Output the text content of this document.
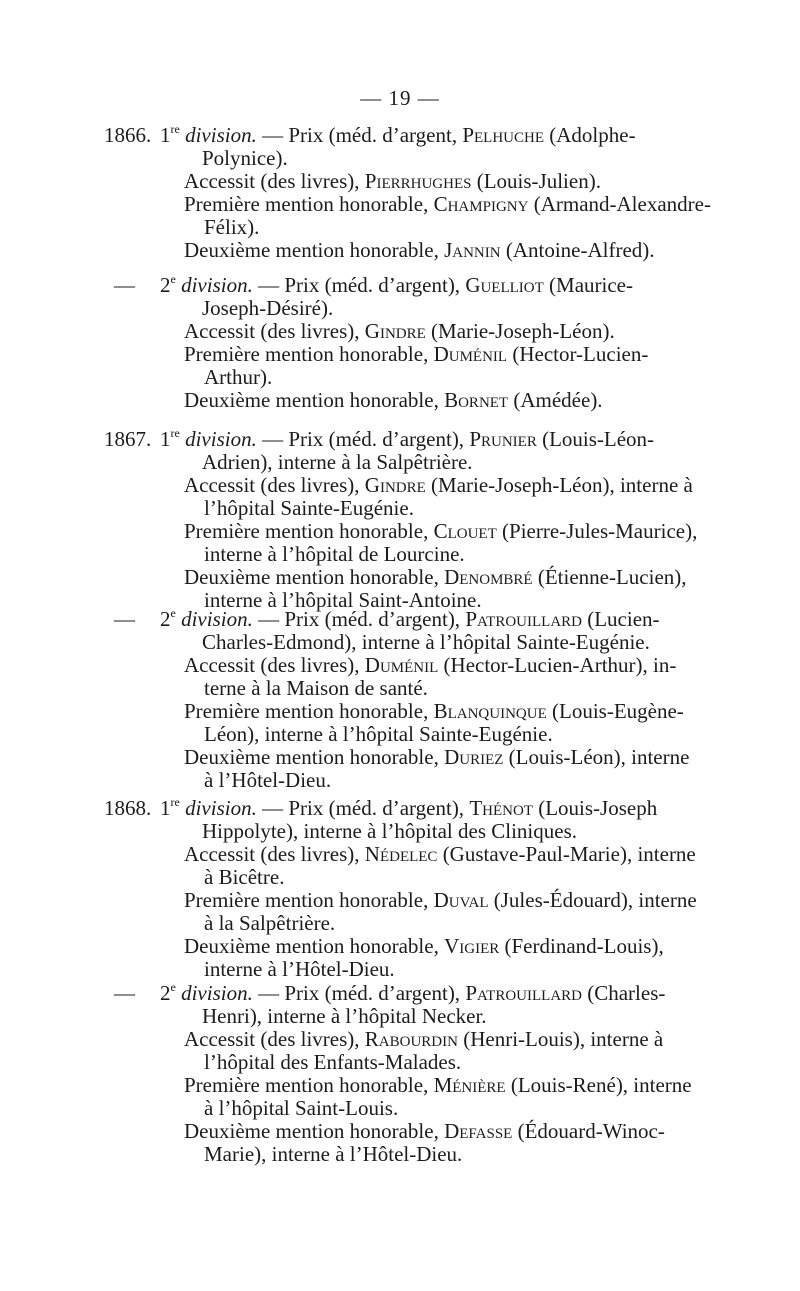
— 19 —
1866. 1re division. — Prix (méd. d’argent, Pelhuche (Adolphe-
Polynice).
Accessit (des livres), Pierrhughes (Louis-Julien).
Première mention honorable, Champigny (Armand-Alexandre-
Félix).
Deuxième mention honorable, Jannin (Antoine-Alfred).
— 2e division. — Prix (méd. d’argent), Guelliot (Maurice-
Joseph-Désiré).
Accessit (des livres), Gindre (Marie-Joseph-Léon).
Première mention honorable, Duménil (Hector-Lucien-
Arthur).
Deuxième mention honorable, Bornet (Amédée).
1867. 1re division. — Prix (méd. d’argent), Prunier (Louis-Léon-
Adrien), interne à la Salpêtrière.
Accessit (des livres), Gindre (Marie-Joseph-Léon), interne à
l’hôpital Sainte-Eugénie.
Première mention honorable, Clouet (Pierre-Jules-Maurice),
interne à l’hôpital de Lourcine.
Deuxième mention honorable, Denombré (Étienne-Lucien),
interne à l’hôpital Saint-Antoine.
— 2e division. — Prix (méd. d’argent), Patrouillard (Lucien-
Charles-Edmond), interne à l’hôpital Sainte-Eugénie.
Accessit (des livres), Duménil (Hector-Lucien-Arthur), in-
terne à la Maison de santé.
Première mention honorable, Blanquinque (Louis-Eugène-
Léon), interne à l’hôpital Sainte-Eugénie.
Deuxième mention honorable, Duriez (Louis-Léon), interne
à l’Hôtel-Dieu.
1868. 1re division. — Prix (méd. d’argent), Thénot (Louis-Joseph
Hippolyte), interne à l’hôpital des Cliniques.
Accessit (des livres), Nédelec (Gustave-Paul-Marie), interne
à Bicêtre.
Première mention honorable, Duval (Jules-Édouard), interne
à la Salpêtrière.
Deuxième mention honorable, Vigier (Ferdinand-Louis),
interne à l’Hôtel-Dieu.
— 2e division. — Prix (méd. d’argent), Patrouillard (Charles-
Henri), interne à l’hôpital Necker.
Accessit (des livres), Rabourdin (Henri-Louis), interne à
l’hôpital des Enfants-Malades.
Première mention honorable, Ménière (Louis-René), interne
à l’hôpital Saint-Louis.
Deuxième mention honorable, Defasse (Édouard-Winoc-
Marie), interne à l’Hôtel-Dieu.
